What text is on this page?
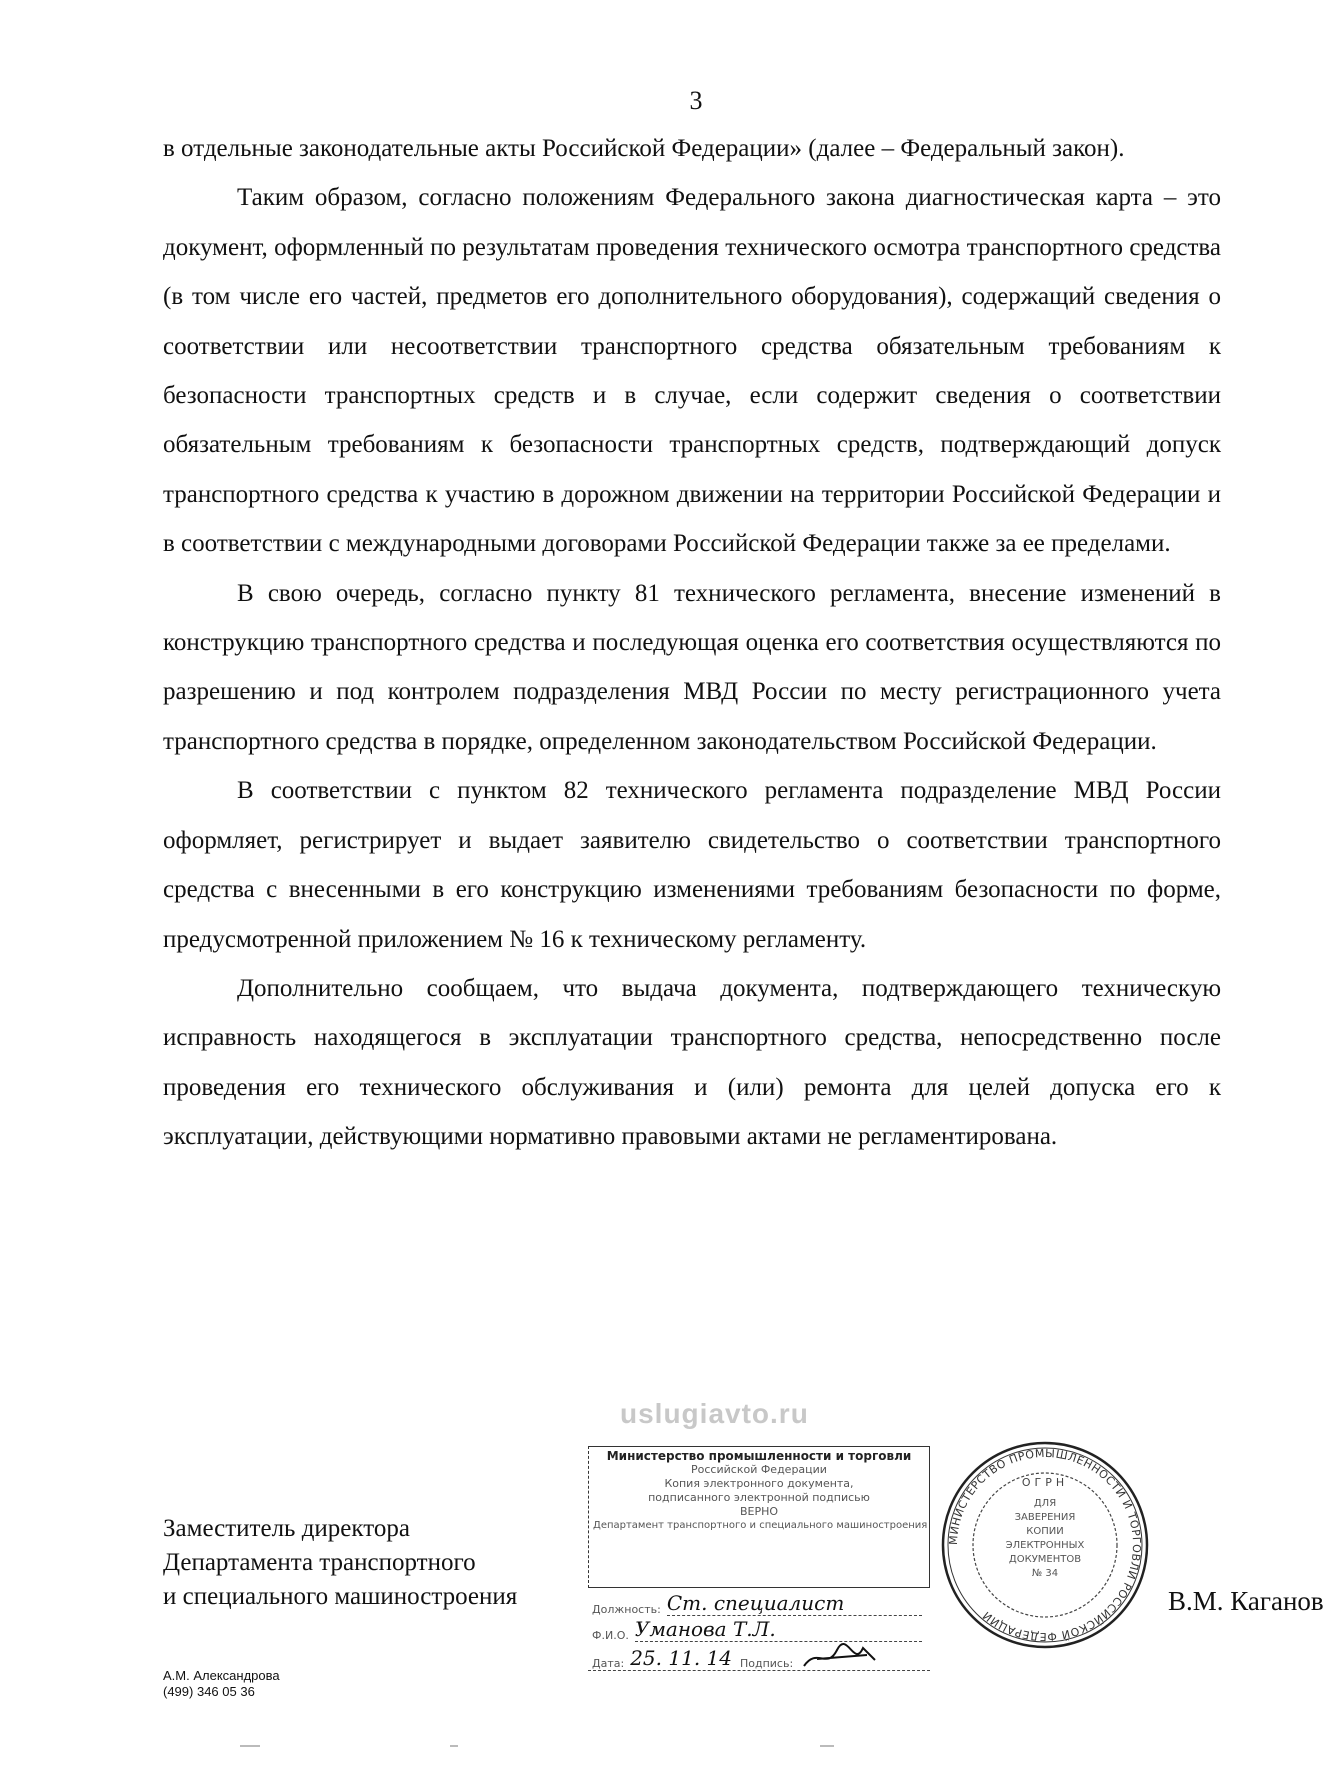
3

в отдельные законодательные акты Российской Федерации» (далее – Федеральный закон).

Таким образом, согласно положениям Федерального закона диагностическая карта – это документ, оформленный по результатам проведения технического осмотра транспортного средства (в том числе его частей, предметов его дополнительного оборудования), содержащий сведения о соответствии или несоответствии транспортного средства обязательным требованиям к безопасности транспортных средств и в случае, если содержит сведения о соответствии обязательным требованиям к безопасности транспортных средств, подтверждающий допуск транспортного средства к участию в дорожном движении на территории Российской Федерации и в соответствии с международными договорами Российской Федерации также за ее пределами.

В свою очередь, согласно пункту 81 технического регламента, внесение изменений в конструкцию транспортного средства и последующая оценка его соответствия осуществляются по разрешению и под контролем подразделения МВД России по месту регистрационного учета транспортного средства в порядке, определенном законодательством Российской Федерации.

В соответствии с пунктом 82 технического регламента подразделение МВД России оформляет, регистрирует и выдает заявителю свидетельство о соответствии транспортного средства с внесенными в его конструкцию изменениями требованиям безопасности по форме, предусмотренной приложением № 16 к техническому регламенту.

Дополнительно сообщаем, что выдача документа, подтверждающего техническую исправность находящегося в эксплуатации транспортного средства, непосредственно после проведения его технического обслуживания и (или) ремонта для целей допуска его к эксплуатации, действующими нормативно правовыми актами не регламентирована.

uslugiavto.ru
Министерство промышленности и торговли
Российской Федерации
Копия электронного документа,
подписанного электронной подписью
ВЕРНО
Департамент транспортного и специального машиностроения
Должность: Ст. специалист
Ф.И.О. Уманова Т.Л.
Дата: 25. 11. 14 Подпись:
МИНИСТЕРСТВО ПРОМЫШЛЕННОСТИ И ТОРГОВЛИ РОССИЙСКОЙ ФЕДЕРАЦИИ
ОГРН
ДЛЯ
ЗАВЕРЕНИЯ
КОПИИ
ЭЛЕКТРОННЫХ
ДОКУМЕНТОВ
№ 34
Заместитель директора
Департамента транспортного
и специального машиностроения	В.М. Каганов
А.М. Александрова
(499) 346 05 36
